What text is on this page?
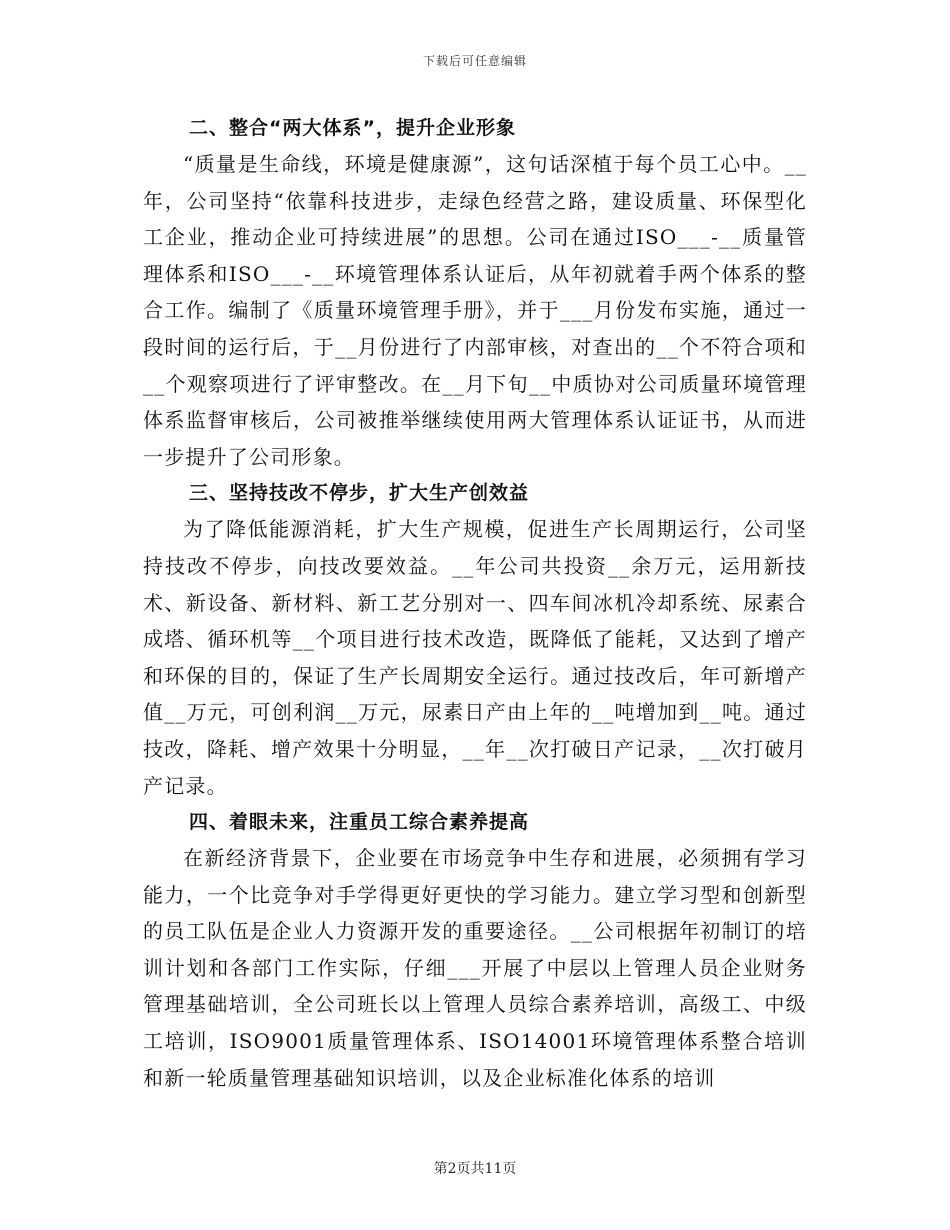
下载后可任意编辑
二、整合“两大体系”，提升企业形象

“质量是生命线，环境是健康源”，这句话深植于每个员工心中。__年，公司坚持“依靠科技进步，走绿色经营之路，建设质量、环保型化工企业，推动企业可持续进展”的思想。公司在通过ISO___-__质量管理体系和ISO___-__环境管理体系认证后，从年初就着手两个体系的整合工作。编制了《质量环境管理手册》，并于___月份发布实施，通过一段时间的运行后，于__月份进行了内部审核，对查出的__个不符合项和__个观察项进行了评审整改。在__月下旬__中质协对公司质量环境管理体系监督审核后，公司被推举继续使用两大管理体系认证证书，从而进一步提升了公司形象。

三、坚持技改不停步，扩大生产创效益

为了降低能源消耗，扩大生产规模，促进生产长周期运行，公司坚持技改不停步，向技改要效益。__年公司共投资__余万元，运用新技术、新设备、新材料、新工艺分别对一、四车间冰机冷却系统、尿素合成塔、循环机等__个项目进行技术改造，既降低了能耗，又达到了增产和环保的目的，保证了生产长周期安全运行。通过技改后，年可新增产值__万元，可创利润__万元，尿素日产由上年的__吨增加到__吨。通过技改，降耗、增产效果十分明显，__年__次打破日产记录，__次打破月产记录。

四、着眼未来，注重员工综合素养提高

在新经济背景下，企业要在市场竞争中生存和进展，必须拥有学习能力，一个比竞争对手学得更好更快的学习能力。建立学习型和创新型的员工队伍是企业人力资源开发的重要途径。__公司根据年初制订的培训计划和各部门工作实际，仔细___开展了中层以上管理人员企业财务管理基础培训，全公司班长以上管理人员综合素养培训，高级工、中级工培训，ISO9001质量管理体系、ISO14001环境管理体系整合培训和新一轮质量管理基础知识培训，以及企业标准化体系的培训

第2页共11页
